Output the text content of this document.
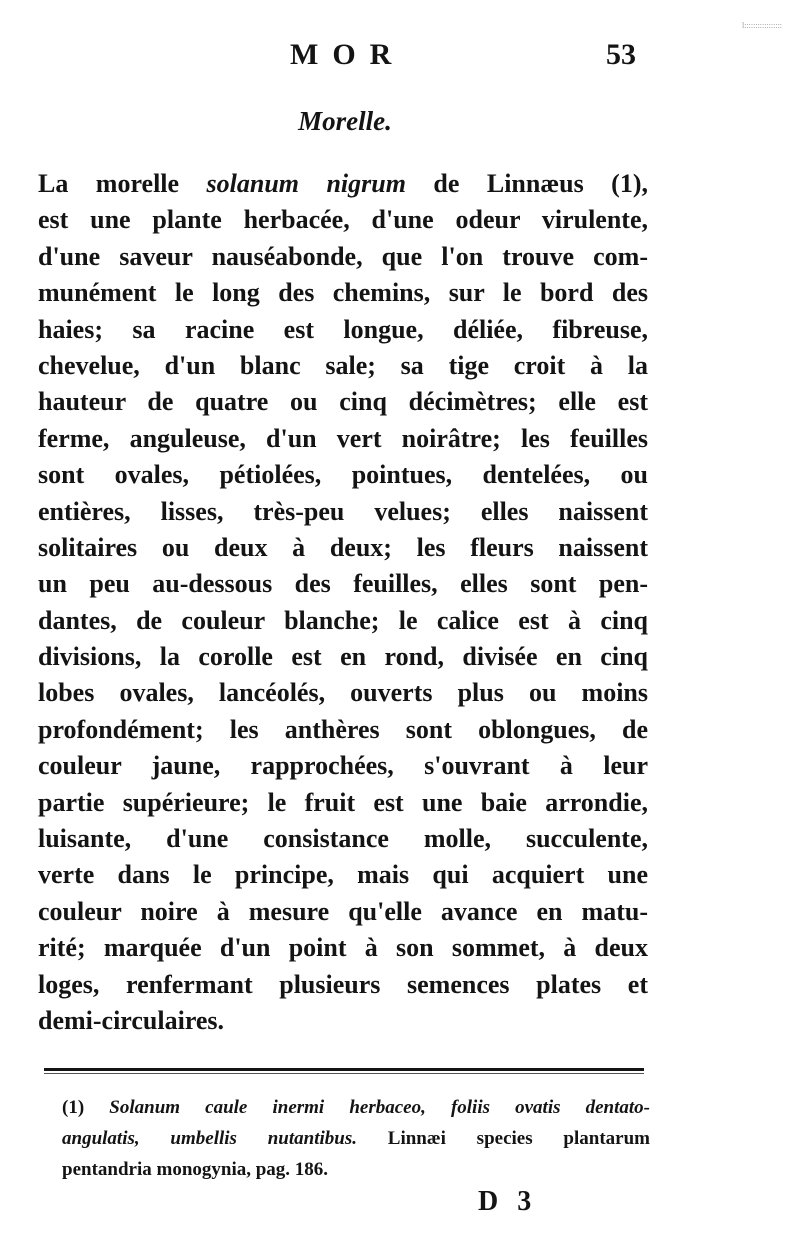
MOR	53
l:::::::::::::::::
Morelle.
La morelle solanum nigrum de Linnæus (1),
est une plante herbacée, d'une odeur virulente,
d'une saveur nauséabonde, que l'on trouve com-
munément le long des chemins, sur le bord des
haies; sa racine est longue, déliée, fibreuse,
chevelue, d'un blanc sale; sa tige croit à la
hauteur de quatre ou cinq décimètres; elle est
ferme, anguleuse, d'un vert noirâtre; les feuilles
sont ovales, pétiolées, pointues, dentelées, ou
entières, lisses, très-peu velues; elles naissent
solitaires ou deux à deux; les fleurs naissent
un peu au-dessous des feuilles, elles sont pen-
dantes, de couleur blanche; le calice est à cinq
divisions, la corolle est en rond, divisée en cinq
lobes ovales, lancéolés, ouverts plus ou moins
profondément; les anthères sont oblongues, de
couleur jaune, rapprochées, s'ouvrant à leur
partie supérieure; le fruit est une baie arrondie,
luisante, d'une consistance molle, succulente,
verte dans le principe, mais qui acquiert une
couleur noire à mesure qu'elle avance en matu-
rité; marquée d'un point à son sommet, à deux
loges, renfermant plusieurs semences plates et
demi-circulaires.
(1) Solanum caule inermi herbaceo, foliis ovatis dentato-
angulatis, umbellis nutantibus. Linnæi species plantarum
pentandria monogynia, pag. 186.
D 3
